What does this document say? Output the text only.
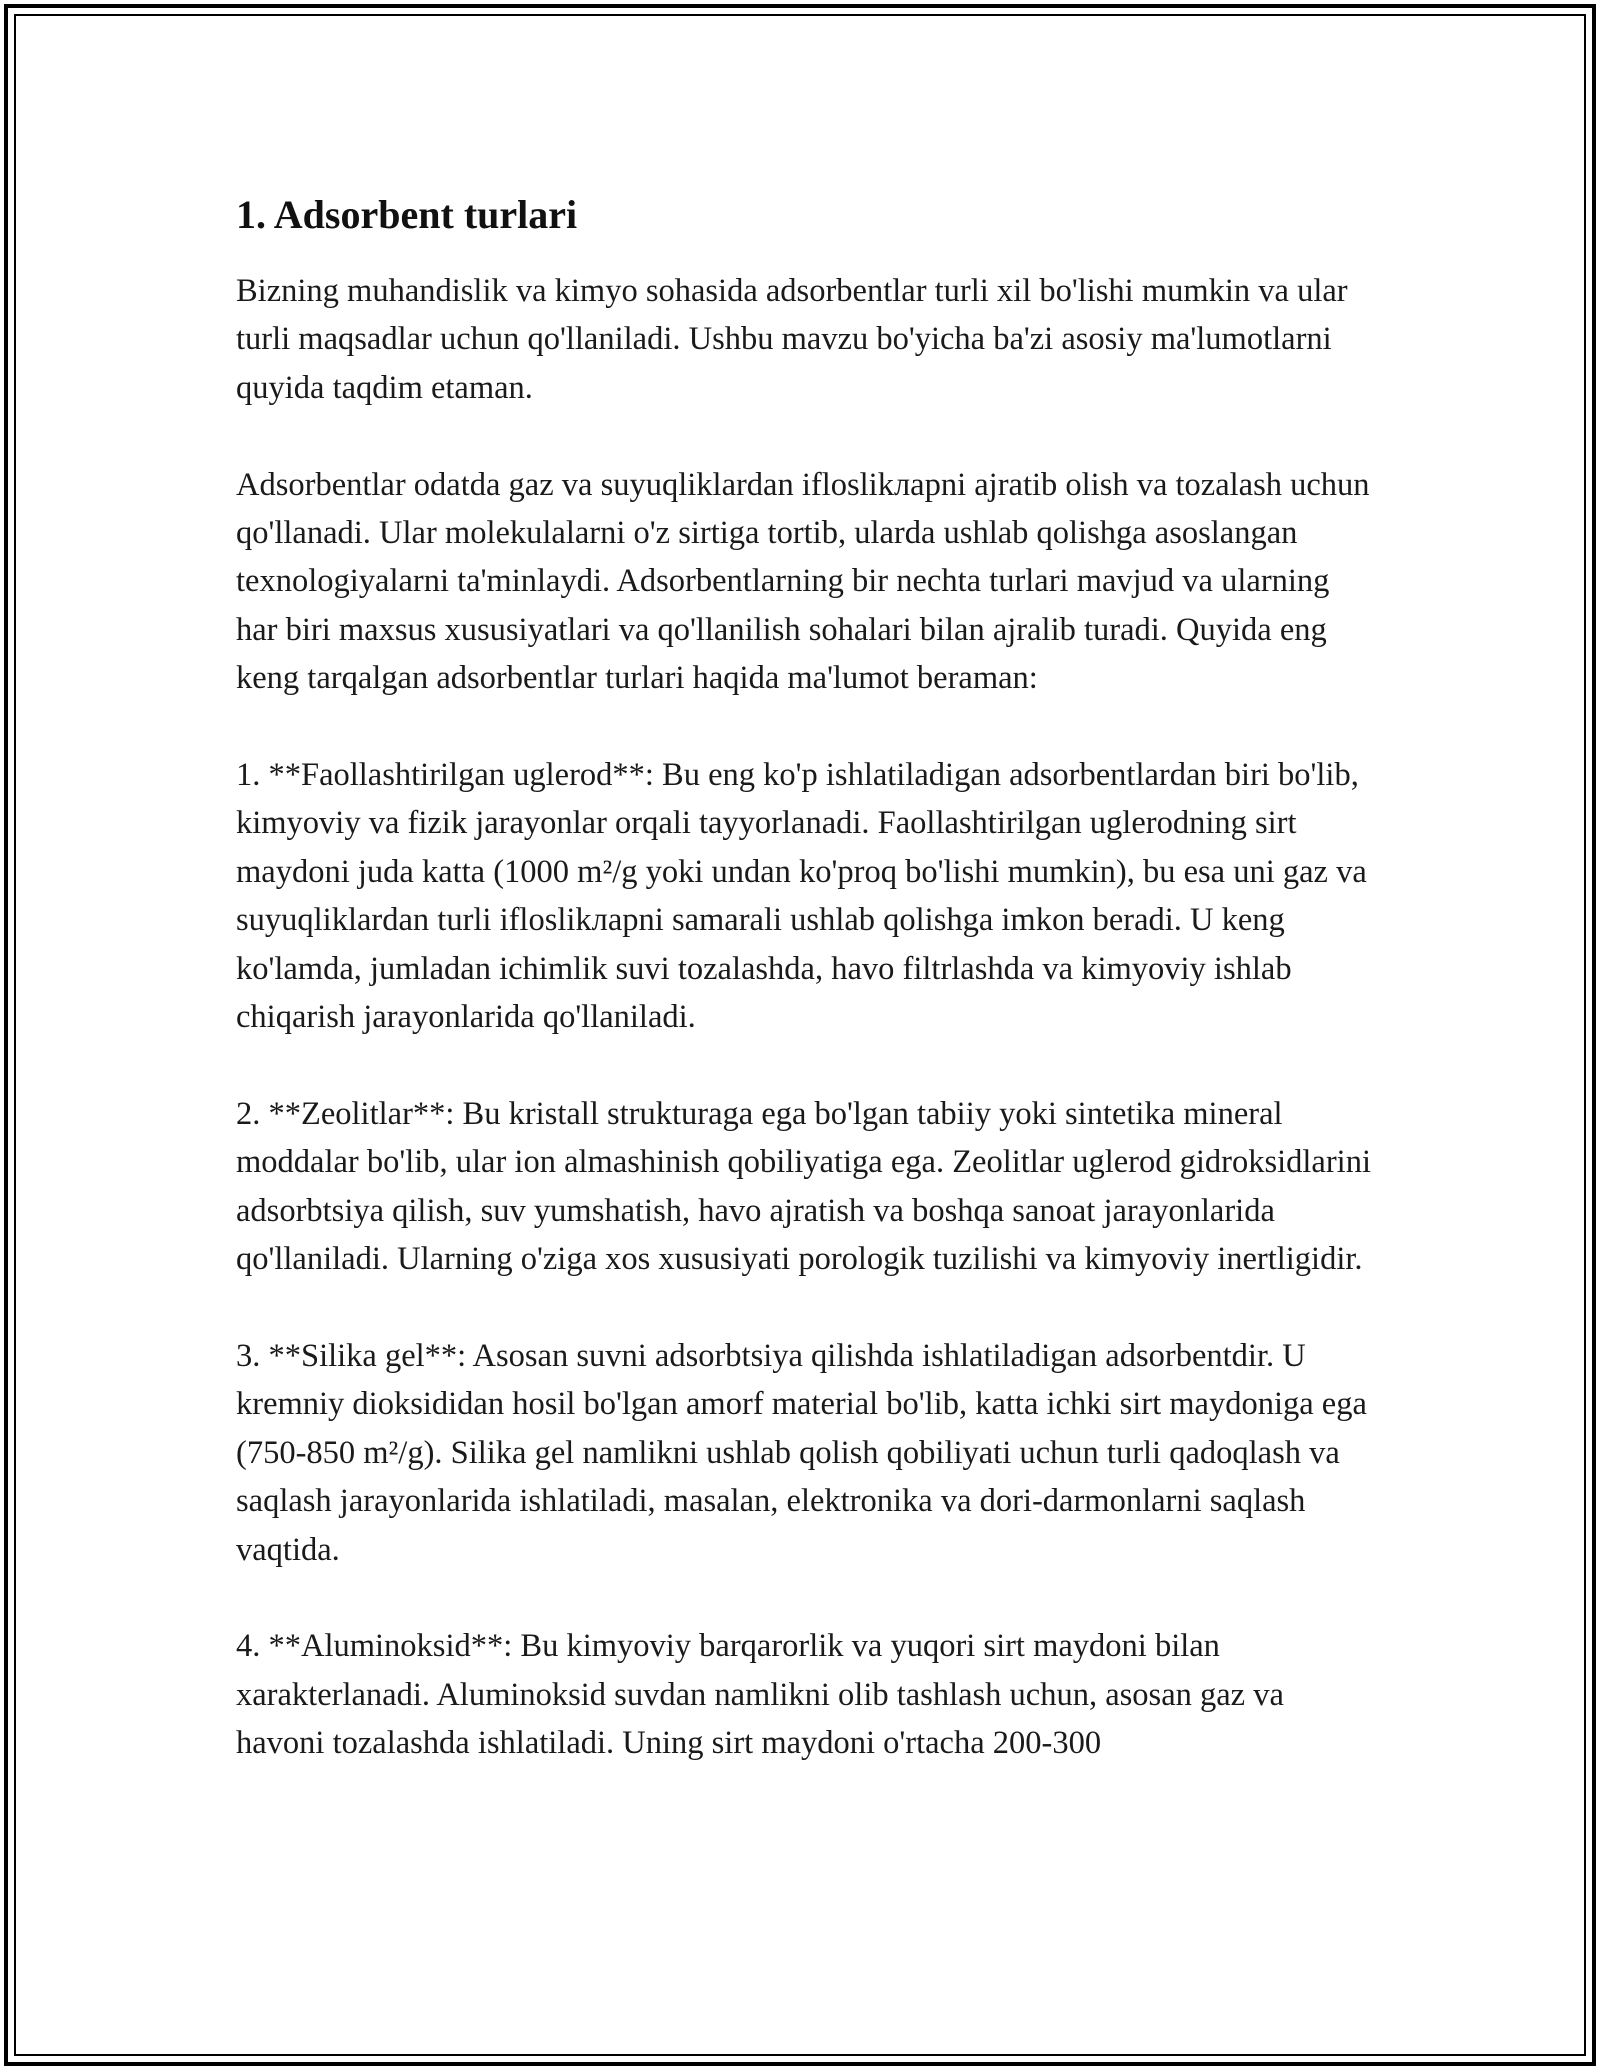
1. Adsorbent turlari

Bizning muhandislik va kimyo sohasida adsorbentlar turli xil bo'lishi mumkin va ular turli maqsadlar uchun qo'llaniladi. Ushbu mavzu bo'yicha ba'zi asosiy ma'lumotlarni quyida taqdim etaman.

Adsorbentlar odatda gaz va suyuqliklardan ifloslikларni ajratib olish va tozalash uchun qo'llanadi. Ular molekulalarni o'z sirtiga tortib, ularda ushlab qolishga asoslangan texnologiyalarni ta'minlaydi. Adsorbentlarning bir nechta turlari mavjud va ularning har biri maxsus xususiyatlari va qo'llanilish sohalari bilan ajralib turadi. Quyida eng keng tarqalgan adsorbentlar turlari haqida ma'lumot beraman:

1. **Faollashtirilgan uglerod**: Bu eng ko'p ishlatiladigan adsorbentlardan biri bo'lib, kimyoviy va fizik jarayonlar orqali tayyorlanadi. Faollashtirilgan uglerodning sirt maydoni juda katta (1000 m²/g yoki undan ko'proq bo'lishi mumkin), bu esa uni gaz va suyuqliklardan turli ifloslikларni samarali ushlab qolishga imkon beradi. U keng ko'lamda, jumladan ichimlik suvi tozalashda, havo filtrlashda va kimyoviy ishlab chiqarish jarayonlarida qo'llaniladi.

2. **Zeolitlar**: Bu kristall strukturaga ega bo'lgan tabiiy yoki sintetika mineral moddalar bo'lib, ular ion almashinish qobiliyatiga ega. Zeolitlar uglerod gidroksidlarini adsorbtsiya qilish, suv yumshatish, havo ajratish va boshqa sanoat jarayonlarida qo'llaniladi. Ularning o'ziga xos xususiyati porologik tuzilishi va kimyoviy inertligidir.

3. **Silika gel**: Asosan suvni adsorbtsiya qilishda ishlatiladigan adsorbentdir. U kremniy dioksididan hosil bo'lgan amorf material bo'lib, katta ichki sirt maydoniga ega (750-850 m²/g). Silika gel namlikni ushlab qolish qobiliyati uchun turli qadoqlash va saqlash jarayonlarida ishlatiladi, masalan, elektronika va dori-darmonlarni saqlash vaqtida.

4. **Aluminoksid**: Bu kimyoviy barqarorlik va yuqori sirt maydoni bilan xarakterlanadi. Aluminoksid suvdan namlikni olib tashlash uchun, asosan gaz va havoni tozalashda ishlatiladi. Uning sirt maydoni o'rtacha 200-300
